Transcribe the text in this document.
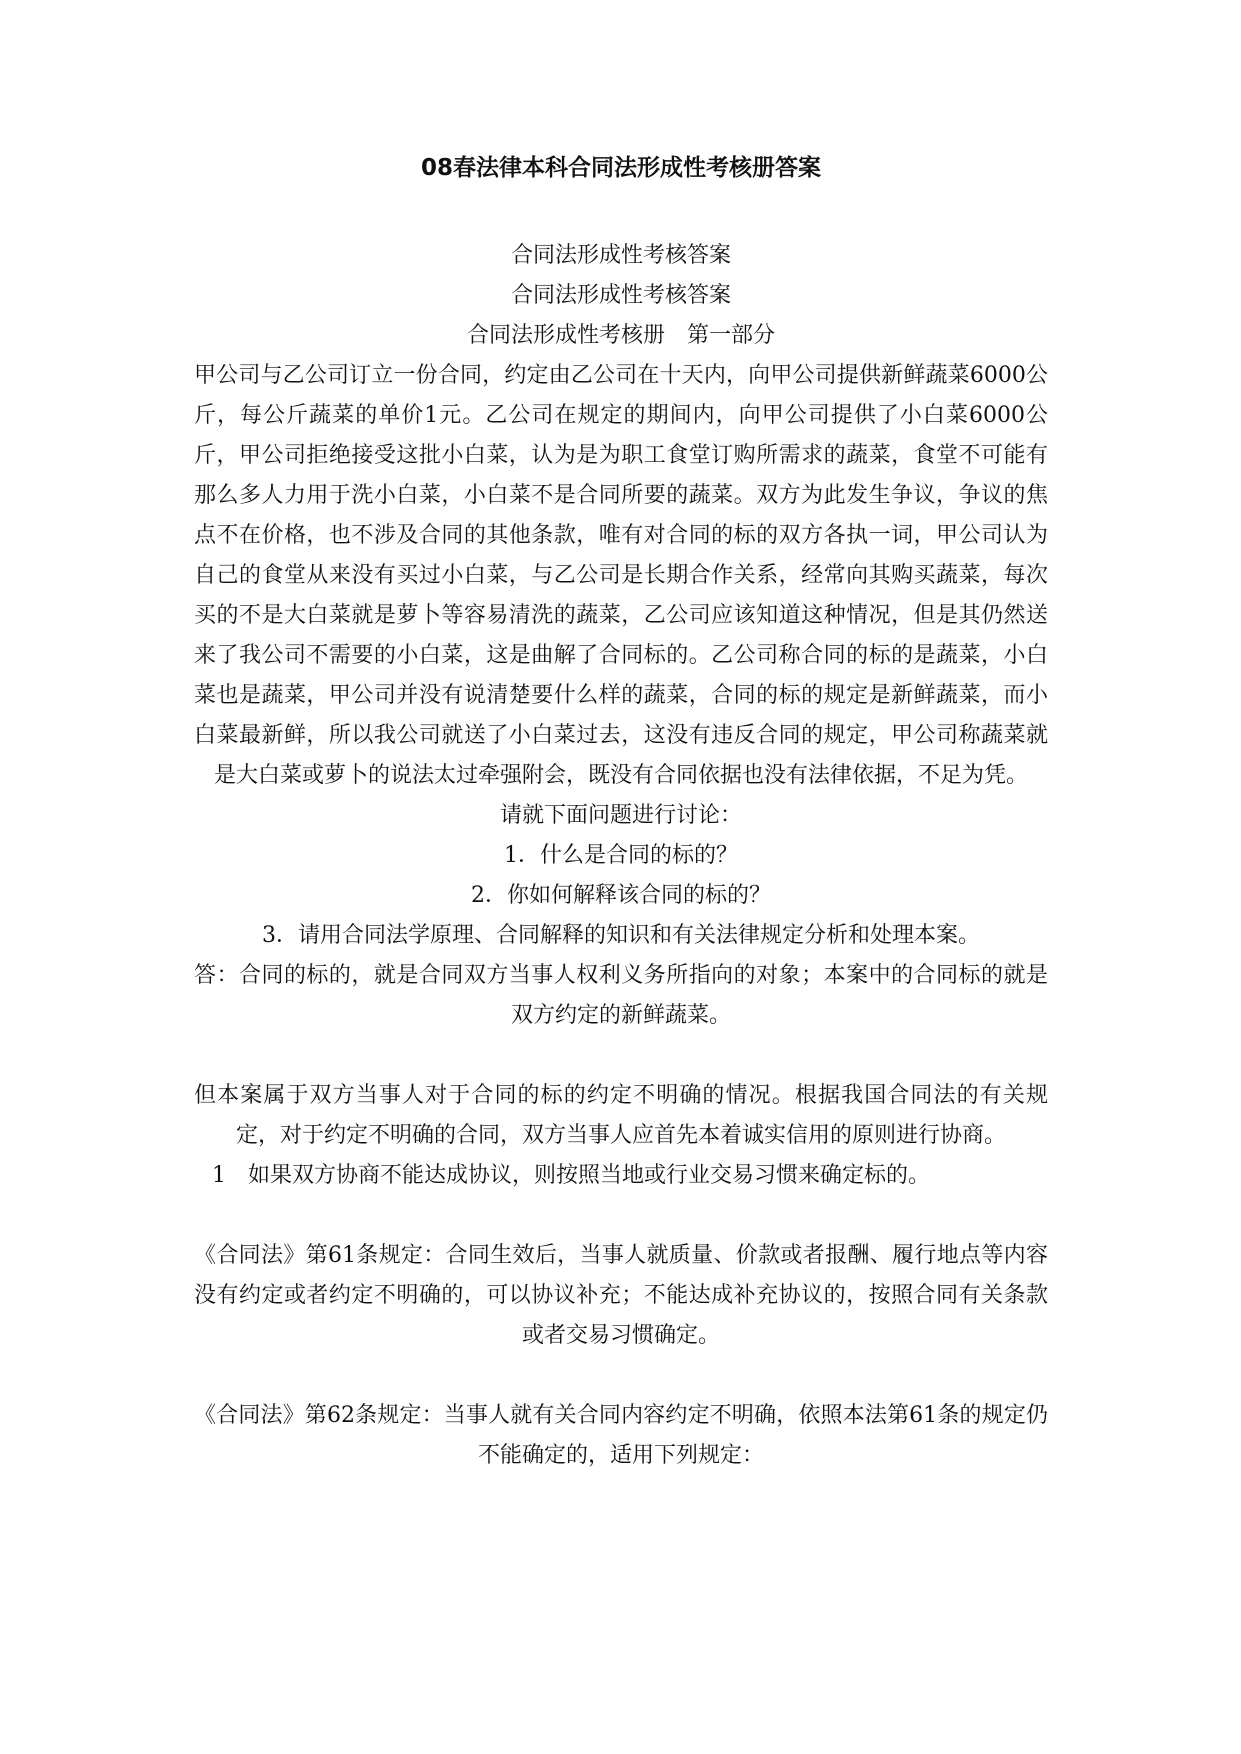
08春法律本科合同法形成性考核册答案

合同法形成性考核答案

合同法形成性考核答案

合同法形成性考核册　第一部分

甲公司与乙公司订立一份合同，约定由乙公司在十天内，向甲公司提供新鲜蔬菜6000公斤，每公斤蔬菜的单价1元。乙公司在规定的期间内，向甲公司提供了小白菜6000公斤，甲公司拒绝接受这批小白菜，认为是为职工食堂订购所需求的蔬菜，食堂不可能有那么多人力用于洗小白菜，小白菜不是合同所要的蔬菜。双方为此发生争议，争议的焦点不在价格，也不涉及合同的其他条款，唯有对合同的标的双方各执一词，甲公司认为自己的食堂从来没有买过小白菜，与乙公司是长期合作关系，经常向其购买蔬菜，每次买的不是大白菜就是萝卜等容易清洗的蔬菜，乙公司应该知道这种情况，但是其仍然送来了我公司不需要的小白菜，这是曲解了合同标的。乙公司称合同的标的是蔬菜，小白菜也是蔬菜，甲公司并没有说清楚要什么样的蔬菜，合同的标的规定是新鲜蔬菜，而小白菜最新鲜，所以我公司就送了小白菜过去，这没有违反合同的规定，甲公司称蔬菜就是大白菜或萝卜的说法太过牵强附会，既没有合同依据也没有法律依据，不足为凭。

请就下面问题进行讨论：

1．什么是合同的标的？

2．你如何解释该合同的标的？

3．请用合同法学原理、合同解释的知识和有关法律规定分析和处理本案。

答：合同的标的，就是合同双方当事人权利义务所指向的对象；本案中的合同标的就是双方约定的新鲜蔬菜。

但本案属于双方当事人对于合同的标的约定不明确的情况。根据我国合同法的有关规定，对于约定不明确的合同，双方当事人应首先本着诚实信用的原则进行协商。

1　如果双方协商不能达成协议，则按照当地或行业交易习惯来确定标的。

《合同法》第61条规定：合同生效后，当事人就质量、价款或者报酬、履行地点等内容没有约定或者约定不明确的，可以协议补充；不能达成补充协议的，按照合同有关条款或者交易习惯确定。

《合同法》第62条规定：当事人就有关合同内容约定不明确，依照本法第61条的规定仍不能确定的，适用下列规定：
